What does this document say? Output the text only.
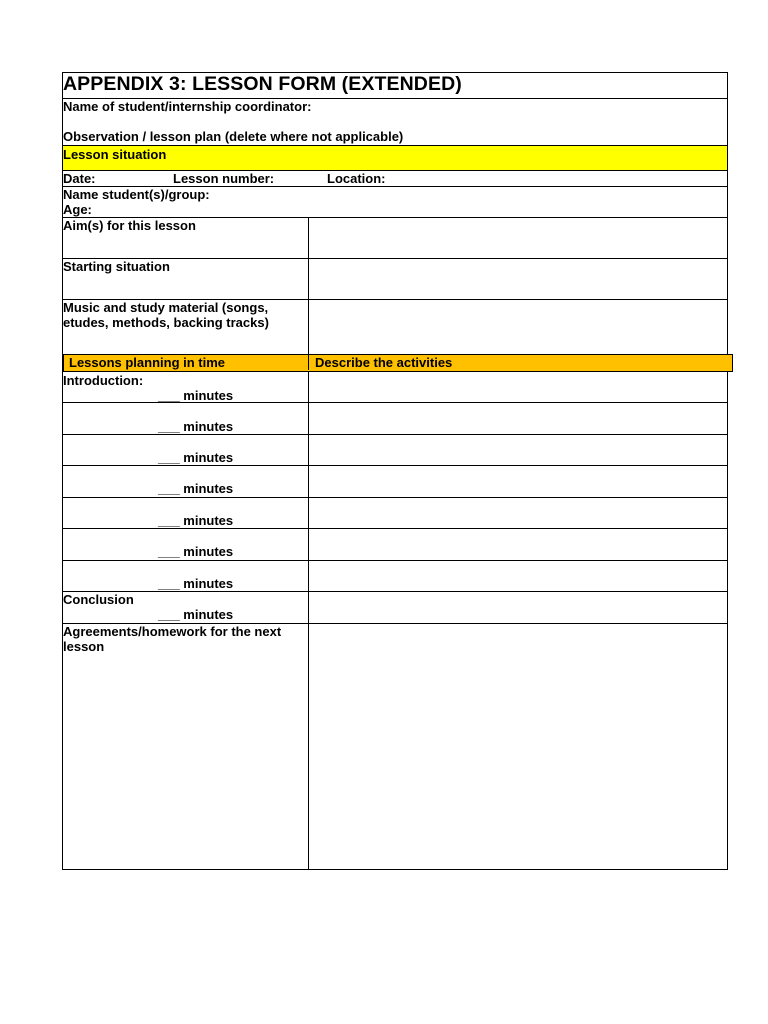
APPENDIX 3: LESSON FORM (EXTENDED)
Name of student/internship coordinator:
Observation / lesson plan (delete where not applicable)
Lesson situation
Date:	Lesson number:	Location:
Name student(s)/group:
Age:
Aim(s) for this lesson
Starting situation
Music and study material (songs,
etudes, methods, backing tracks)
Lessons planning in time	Describe the activities
Introduction:
___ minutes
___ minutes
___ minutes
___ minutes
___ minutes
___ minutes
___ minutes
Conclusion
___ minutes
Agreements/homework for the next
lesson
